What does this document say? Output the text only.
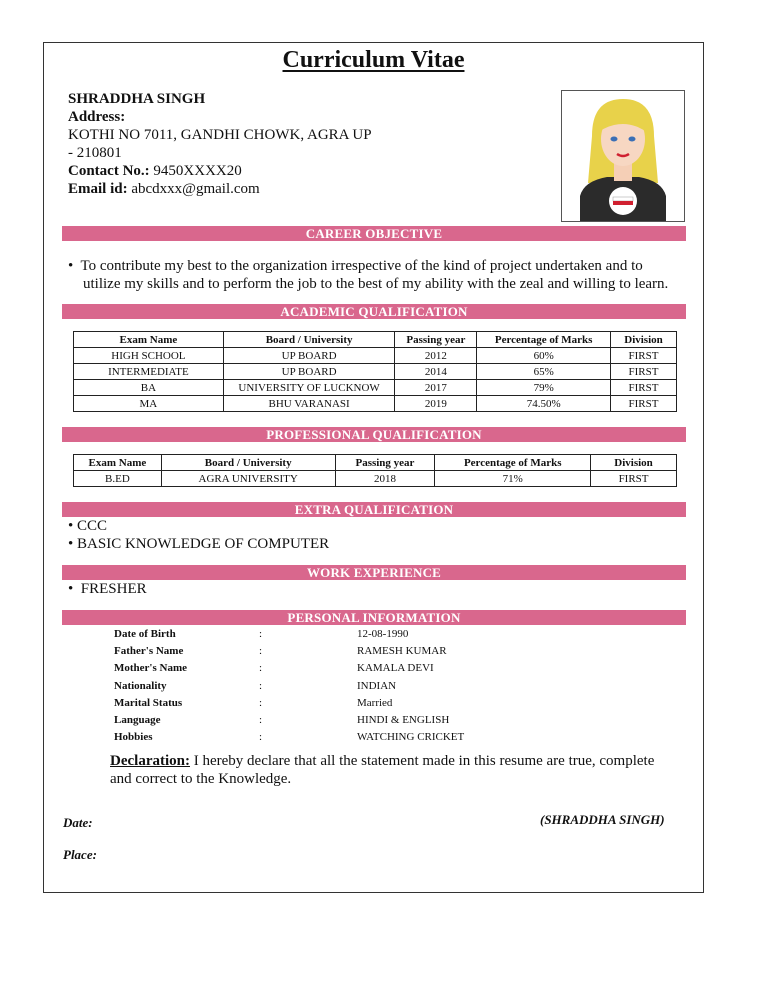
Curriculum Vitae
SHRADDHA SINGH
Address:
KOTHI NO 7011, GANDHI CHOWK, AGRA UP
- 210801
Contact No.: 9450XXXX20
Email id: abcdxxx@gmail.com
CAREER OBJECTIVE
•  To contribute my best to the organization irrespective of the kind of project undertaken and to
utilize my skills and to perform the job to the best of my ability with the zeal and willing to learn.
ACADEMIC QUALIFICATION
Exam Name	Board / University	Passing year	Percentage of Marks	Division
HIGH SCHOOL	UP BOARD	2012	60%	FIRST
INTERMEDIATE	UP BOARD	2014	65%	FIRST
BA	UNIVERSITY OF LUCKNOW	2017	79%	FIRST
MA	BHU VARANASI	2019	74.50%	FIRST
PROFESSIONAL QUALIFICATION
Exam Name	Board / University	Passing year	Percentage of Marks	Division
B.ED	AGRA UNIVERSITY	2018	71%	FIRST
EXTRA QUALIFICATION
• CCC
• BASIC KNOWLEDGE OF COMPUTER
WORK EXPERIENCE
•  FRESHER
PERSONAL INFORMATION
Date of Birth	:	12-08-1990
Father's Name	:	RAMESH KUMAR
Mother's Name	:	KAMALA DEVI
Nationality	:	INDIAN
Marital Status	:	Married
Language	:	HINDI & ENGLISH
Hobbies	:	WATCHING CRICKET
Declaration: I hereby declare that all the statement made in this resume are true, complete and correct to the Knowledge.
Date:	(SHRADDHA SINGH)
Place:
